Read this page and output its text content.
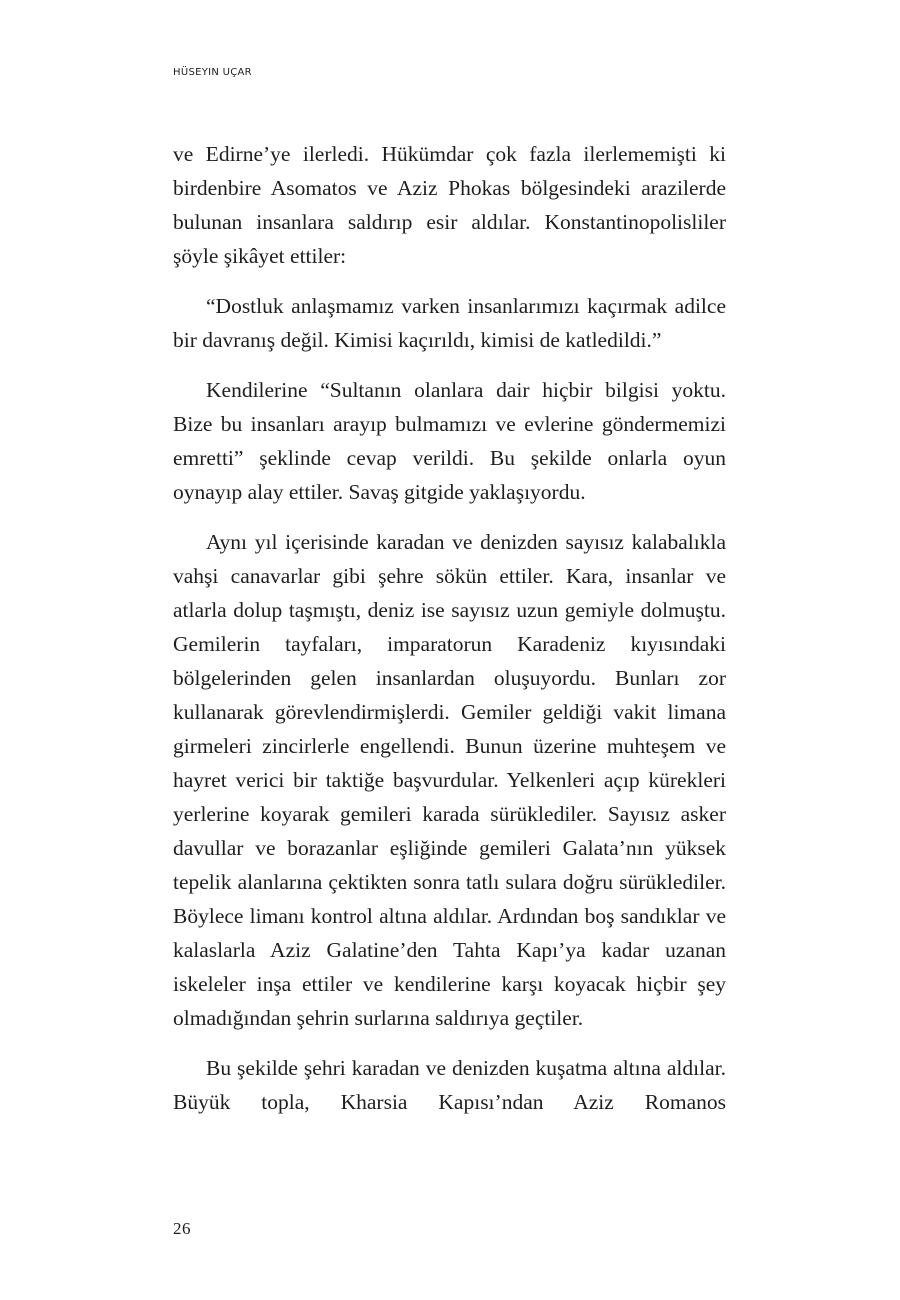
HÜSEYIN UÇAR

ve Edirne’ye ilerledi. Hükümdar çok fazla ilerlememişti ki birdenbire Asomatos ve Aziz Phokas bölgesindeki arazilerde bulunan insanlara saldırıp esir aldılar. Konstantinopolisliler şöyle şikâyet ettiler:

“Dostluk anlaşmamız varken insanlarımızı kaçırmak adilce bir davranış değil. Kimisi kaçırıldı, kimisi de katledildi.”

Kendilerine “Sultanın olanlara dair hiçbir bilgisi yoktu. Bize bu insanları arayıp bulmamızı ve evlerine göndermemizi emretti” şeklinde cevap verildi. Bu şekilde onlarla oyun oynayıp alay ettiler. Savaş gitgide yaklaşıyordu.

Aynı yıl içerisinde karadan ve denizden sayısız kalabalıkla vahşi canavarlar gibi şehre sökün ettiler. Kara, insanlar ve atlarla dolup taşmıştı, deniz ise sayısız uzun gemiyle dolmuştu. Gemilerin tayfaları, imparatorun Karadeniz kıyısındaki bölgelerinden gelen insanlardan oluşuyordu. Bunları zor kullanarak görevlendirmişlerdi. Gemiler geldiği vakit limana girmeleri zincirlerle engellendi. Bunun üzerine muhteşem ve hayret verici bir taktiğe başvurdular. Yelkenleri açıp kürekleri yerlerine koyarak gemileri karada sürüklediler. Sayısız asker davullar ve borazanlar eşliğinde gemileri Galata’nın yüksek tepelik alanlarına çektikten sonra tatlı sulara doğru sürüklediler. Böylece limanı kontrol altına aldılar. Ardından boş sandıklar ve kalaslarla Aziz Galatine’den Tahta Kapı’ya kadar uzanan iskeleler inşa ettiler ve kendilerine karşı koyacak hiçbir şey olmadığından şehrin surlarına saldırıya geçtiler.

Bu şekilde şehri karadan ve denizden kuşatma altına aldılar. Büyük topla, Kharsia Kapısı’ndan Aziz Romanos

26
